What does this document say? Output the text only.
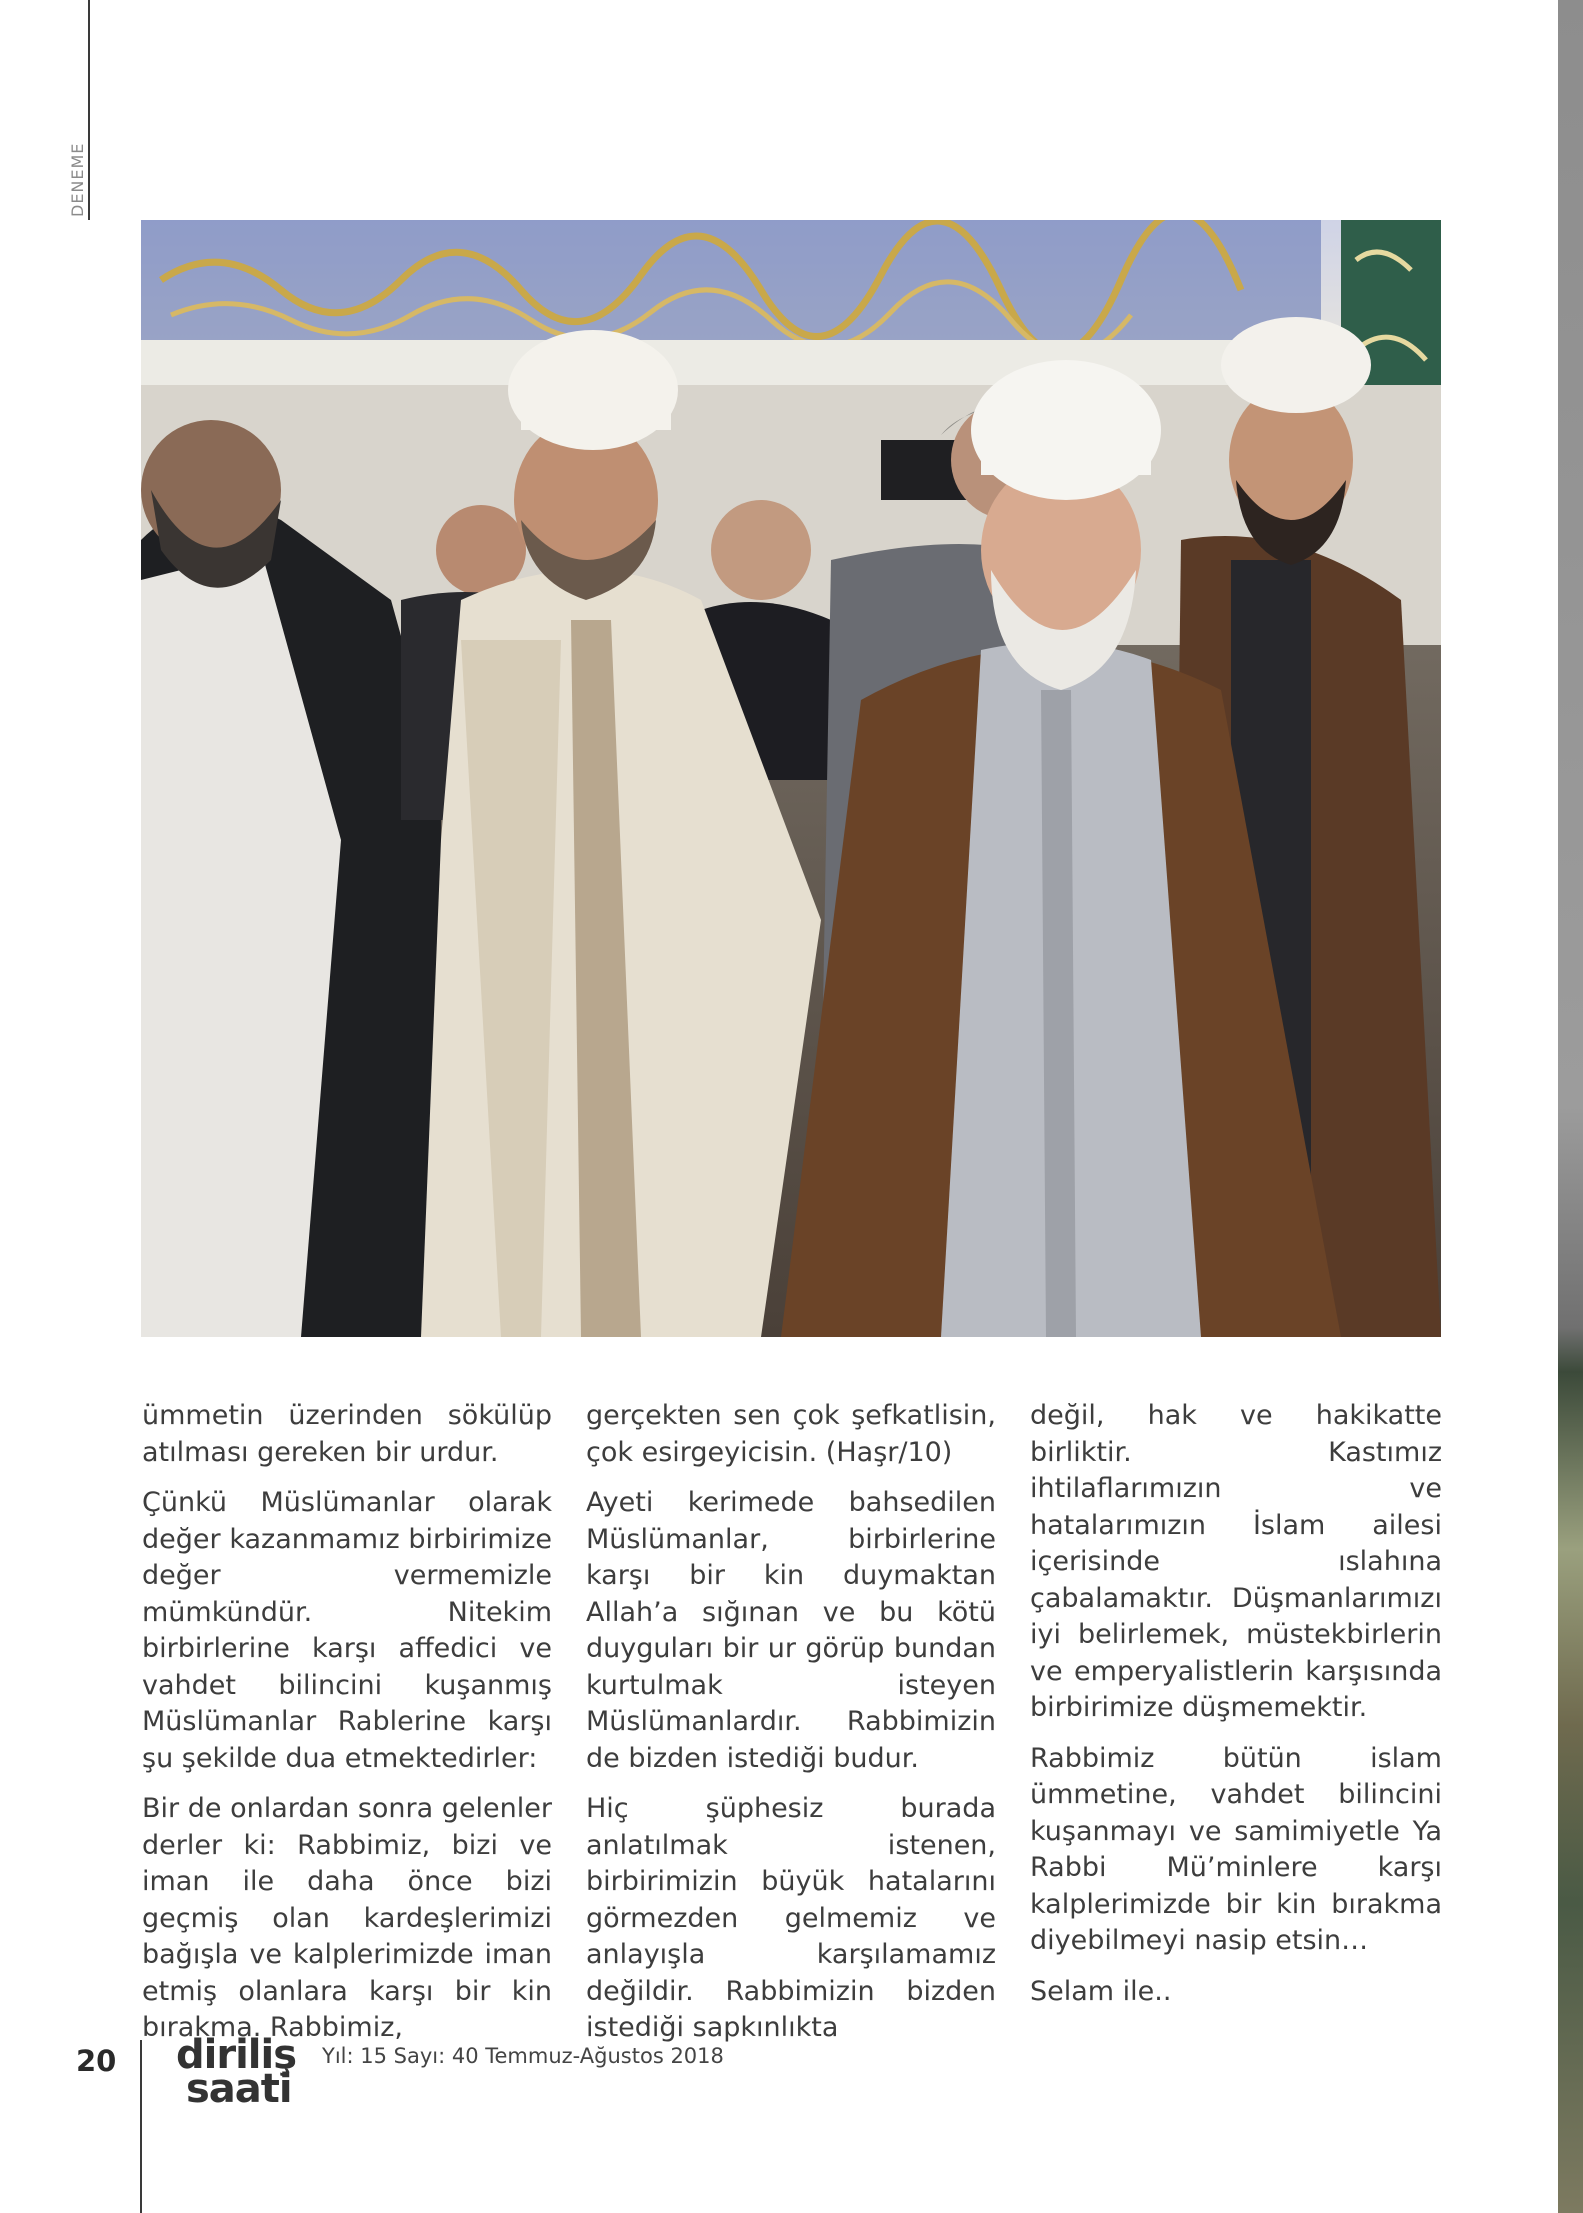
DENEME

ümmetin üzerinden sökülüp atılması gereken bir urdur.

Çünkü Müslümanlar olarak değer kazanmamız birbirimize değer vermemizle mümkündür. Nitekim birbirlerine karşı affedici ve vahdet bilincini kuşanmış Müslümanlar Rablerine karşı şu şekilde dua etmektedirler:

Bir de onlardan sonra gelenler derler ki: Rabbimiz, bizi ve iman ile daha önce bizi geçmiş olan kardeşlerimizi bağışla ve kalplerimizde iman etmiş olanlara karşı bir kin bırakma. Rabbimiz,

gerçekten sen çok şefkatlisin, çok esirgeyicisin. (Haşr/10)

Ayeti kerimede bahsedilen Müslümanlar, birbirlerine karşı bir kin duymaktan Allah’a sığınan ve bu kötü duyguları bir ur görüp bundan kurtulmak isteyen Müslümanlardır. Rabbimizin de bizden istediği budur.

Hiç şüphesiz burada anlatılmak istenen, birbirimizin büyük hatalarını görmezden gelmemiz ve anlayışla karşılamamız değildir. Rabbimizin bizden istediği sapkınlıkta

değil, hak ve hakikatte birliktir. Kastımız ihtilaflarımızın ve hatalarımızın İslam ailesi içerisinde ıslahına çabalamaktır. Düşmanlarımızı iyi belirlemek, müstekbirlerin ve emperyalistlerin karşısında birbirimize düşmemektir.

Rabbimiz bütün islam ümmetine, vahdet bilincini kuşanmayı ve samimiyetle Ya Rabbi Mü’minlere karşı kalplerimizde bir kin bırakma diyebilmeyi nasip etsin…

Selam ile..

20 diriliş
saati
Yıl: 15 Sayı: 40 Temmuz-Ağustos 2018
